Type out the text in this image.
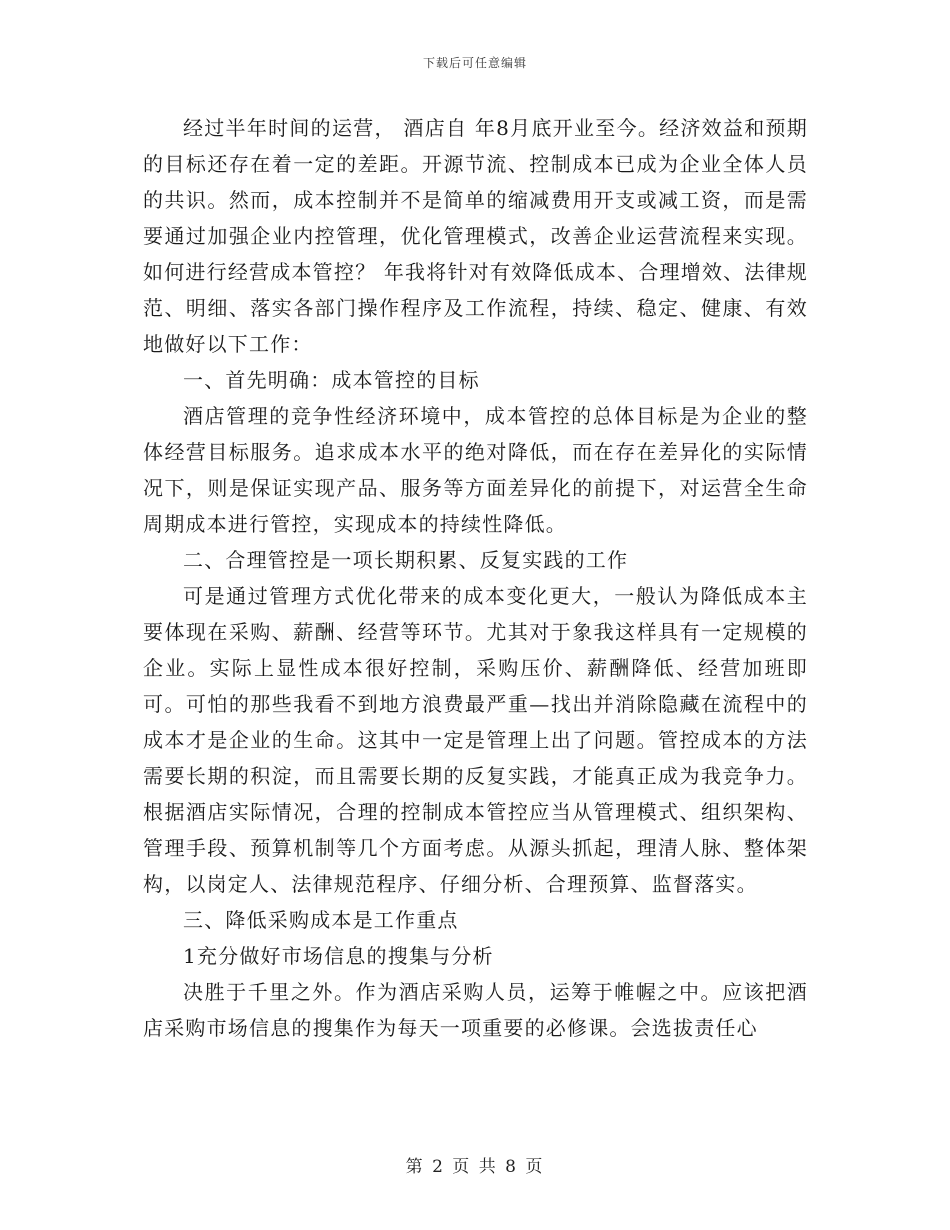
下载后可任意编辑

经过半年时间的运营， 酒店自 年8月底开业至今。经济效益和预期的目标还存在着一定的差距。开源节流、控制成本已成为企业全体人员的共识。然而，成本控制并不是简单的缩减费用开支或减工资，而是需要通过加强企业内控管理，优化管理模式，改善企业运营流程来实现。如何进行经营成本管控？ 年我将针对有效降低成本、合理增效、法律规范、明细、落实各部门操作程序及工作流程，持续、稳定、健康、有效地做好以下工作：

一、首先明确：成本管控的目标

酒店管理的竞争性经济环境中，成本管控的总体目标是为企业的整体经营目标服务。追求成本水平的绝对降低，而在存在差异化的实际情况下，则是保证实现产品、服务等方面差异化的前提下，对运营全生命周期成本进行管控，实现成本的持续性降低。

二、合理管控是一项长期积累、反复实践的工作

可是通过管理方式优化带来的成本变化更大，一般认为降低成本主要体现在采购、薪酬、经营等环节。尤其对于象我这样具有一定规模的企业。实际上显性成本很好控制，采购压价、薪酬降低、经营加班即可。可怕的那些我看不到地方浪费最严重—找出并消除隐藏在流程中的成本才是企业的生命。这其中一定是管理上出了问题。管控成本的方法需要长期的积淀，而且需要长期的反复实践，才能真正成为我竞争力。根据酒店实际情况，合理的控制成本管控应当从管理模式、组织架构、管理手段、预算机制等几个方面考虑。从源头抓起，理清人脉、整体架构，以岗定人、法律规范程序、仔细分析、合理预算、监督落实。

三、降低采购成本是工作重点

1充分做好市场信息的搜集与分析

决胜于千里之外。作为酒店采购人员，运筹于帷幄之中。应该把酒店采购市场信息的搜集作为每天一项重要的必修课。会选拔责任心

第 2 页 共 8 页
